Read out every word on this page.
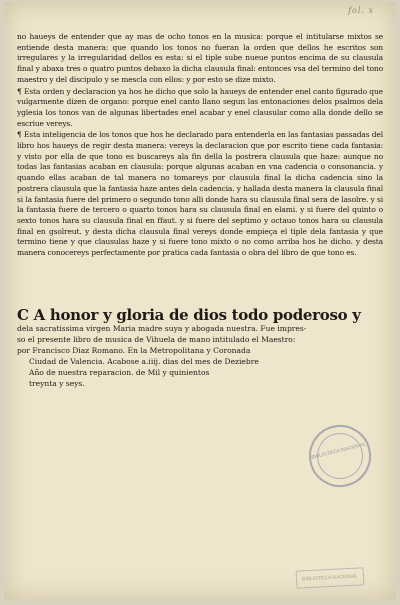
fol. x

no haueys de entender que ay mas de ocho tonos en la musica: porque el intitularse mixtos se entiende desta manera: que quando los tonos no fueran la orden que dellos he escritos son irregulares y la irregularidad dellos es esta: si el tiple sube nueue puntos encima de su clausula final y abaxa tres o quatro puntos debaxo la dicha clausula final: entonces vsa del termino del tono maestro y del discipulo y se mescla con ellos: y por esto se dize mixto.

¶ Esta orden y declaracion ya hos he dicho que solo la haueys de entender enel canto figurado que vulgarmente dizen de organo: porque enel canto llano segun las entonaciones delos psalmos dela yglesia los tonos van de algunas libertades enel acabar y enel clausular como alla donde dello se escriue vereys.

¶ Esta inteligencia de los tonos que hos he declarado para entenderla en las fantasias passadas del libro hos haueys de regir desta manera: vereys la declaracion que por escrito tiene cada fantasia: y visto por ella de que tono es buscareys ala fin della la postrera clausula que haze: aunque no todas las fantasias acaban en clausula: porque algunas acaban en vna cadencia o consonancia. y quando ellas acaban de tal manera no tomareys por clausula final la dicha cadencia sino la postrera clausula que la fantasia haze antes dela cadencia. y hallada desta manera la clausula final si la fantasia fuere del primero o segundo tono alli donde hara su clausula final sera de lasolre. y si la fantasia fuere de tercero o quarto tonos hara su clausula final en elami. y si fuere del quinto o sexto tonos hara su clausula final en ffaut. y si fuere del septimo y octauo tonos hara su clausula final en gsolreut. y desta dicha clausula final vereys donde empieça el tiple dela fantasia y que termino tiene y que clausulas haze y si fuere tono mixto o no como arriba hos he dicho. y desta manera conocereys perfectamente por pratica cada fantasia o obra del libro de que tono es.

C A honor y gloria de dios todo poderoso y
dela sacratissima virgen Maria madre suya y abogada nuestra. Fue impres-
so el presente libro de musica de Vihuela de mano intitulado el Maestro:
por Francisco Diaz Romano. En la Metropolitana y Coronada
Ciudad de Valencia. Acabose a.iiij. dias del mes de Deziebre
Año de nuestra reparacion. de Mil y quinientos
treynta y seys.
BIBLIOTECA NACIONAL
BIBLIOTECA NACIONAL
